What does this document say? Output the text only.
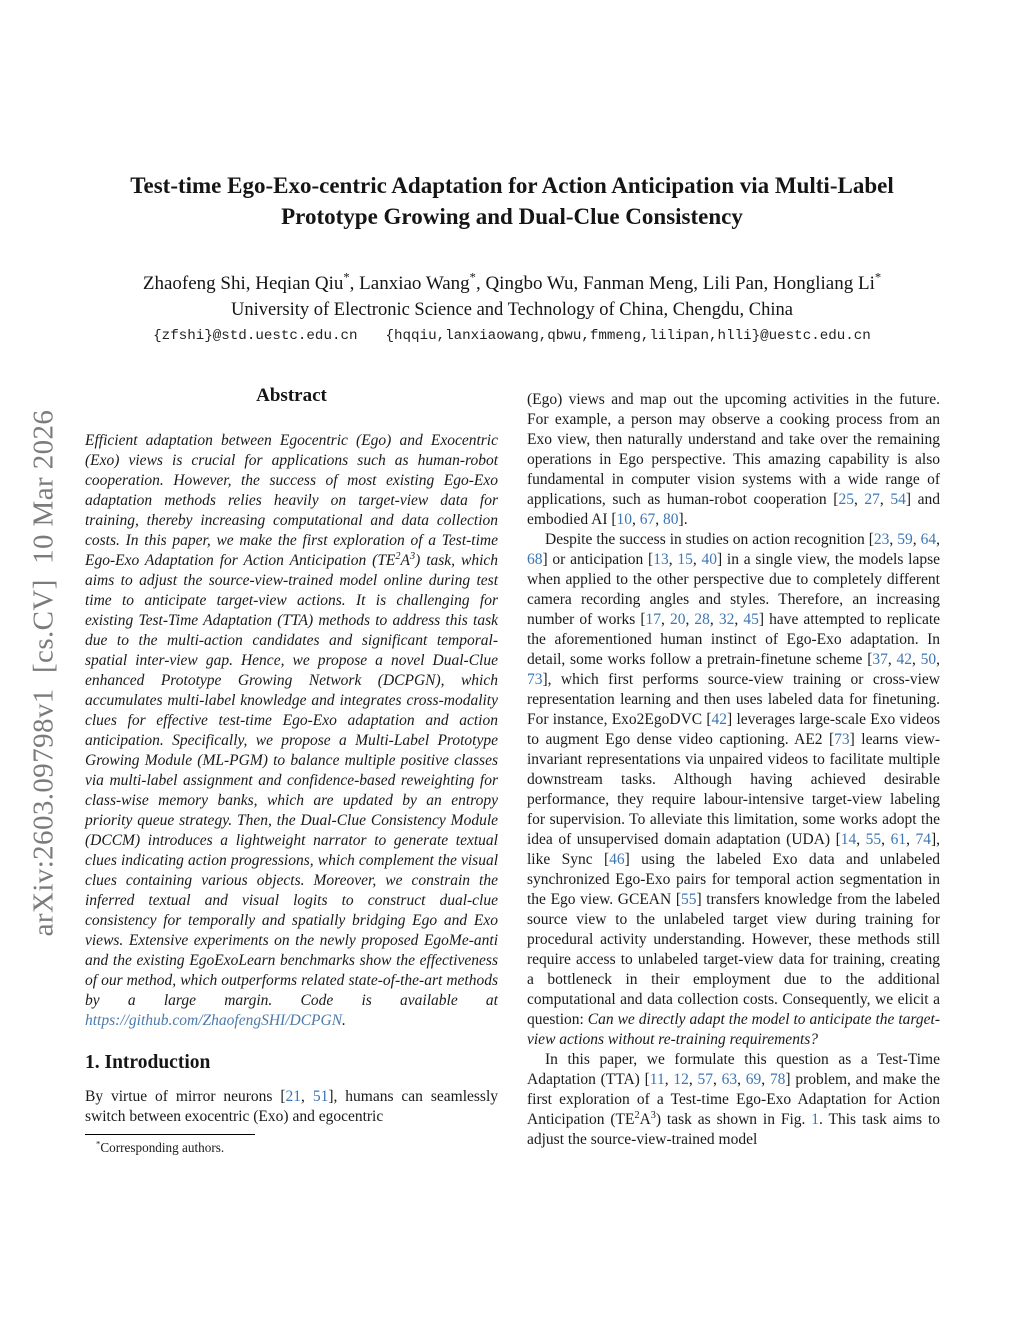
arXiv:2603.09798v1  [cs.CV]  10 Mar 2026
Test-time Ego-Exo-centric Adaptation for Action Anticipation via Multi-Label Prototype Growing and Dual-Clue Consistency
Zhaofeng Shi, Heqian Qiu*, Lanxiao Wang*, Qingbo Wu, Fanman Meng, Lili Pan, Hongliang Li*
University of Electronic Science and Technology of China, Chengdu, China
{zfshi}@std.uestc.edu.cn {hqqiu,lanxiaowang,qbwu,fmmeng,lilipan,hlli}@uestc.edu.cn
Abstract

Efficient adaptation between Egocentric (Ego) and Exocentric (Exo) views is crucial for applications such as human-robot cooperation. However, the success of most existing Ego-Exo adaptation methods relies heavily on target-view data for training, thereby increasing computational and data collection costs. In this paper, we make the first exploration of a Test-time Ego-Exo Adaptation for Action Anticipation $(TE^2A^3)$ task, which aims to adjust the source-view-trained model online during test time to anticipate target-view actions. It is challenging for existing Test-Time Adaptation (TTA) methods to address this task due to the multi-action candidates and significant temporal-spatial inter-view gap. Hence, we propose a novel Dual-Clue enhanced Prototype Growing Network (DCPGN), which accumulates multi-label knowledge and integrates cross-modality clues for effective test-time Ego-Exo adaptation and action anticipation. Specifically, we propose a Multi-Label Prototype Growing Module (ML-PGM) to balance multiple positive classes via multi-label assignment and confidence-based reweighting for class-wise memory banks, which are updated by an entropy priority queue strategy. Then, the Dual-Clue Consistency Module (DCCM) introduces a lightweight narrator to generate textual clues indicating action progressions, which complement the visual clues containing various objects. Moreover, we constrain the inferred textual and visual logits to construct dual-clue consistency for temporally and spatially bridging Ego and Exo views. Extensive experiments on the newly proposed EgoMe-anti and the existing EgoExoLearn benchmarks show the effectiveness of our method, which outperforms related state-of-the-art methods by a large margin. Code is available at https://github.com/ZhaofengSHI/DCPGN.

1. Introduction

By virtue of mirror neurons [21, 51], humans can seamlessly switch between exocentric (Exo) and egocentric

*Corresponding authors.

(Ego) views and map out the upcoming activities in the future. For example, a person may observe a cooking process from an Exo view, then naturally understand and take over the remaining operations in Ego perspective. This amazing capability is also fundamental in computer vision systems with a wide range of applications, such as human-robot cooperation [25, 27, 54] and embodied AI [10, 67, 80].

Despite the success in studies on action recognition [23, 59, 64, 68] or anticipation [13, 15, 40] in a single view, the models lapse when applied to the other perspective due to completely different camera recording angles and styles. Therefore, an increasing number of works [17, 20, 28, 32, 45] have attempted to replicate the aforementioned human instinct of Ego-Exo adaptation. In detail, some works follow a pretrain-finetune scheme [37, 42, 50, 73], which first performs source-view training or cross-view representation learning and then uses labeled data for finetuning. For instance, Exo2EgoDVC [42] leverages large-scale Exo videos to augment Ego dense video captioning. AE2 [73] learns view-invariant representations via unpaired videos to facilitate multiple downstream tasks. Although having achieved desirable performance, they require labour-intensive target-view labeling for supervision. To alleviate this limitation, some works adopt the idea of unsupervised domain adaptation (UDA) [14, 55, 61, 74], like Sync [46] using the labeled Exo data and unlabeled synchronized Ego-Exo pairs for temporal action segmentation in the Ego view. GCEAN [55] transfers knowledge from the labeled source view to the unlabeled target view during training for procedural activity understanding. However, these methods still require access to unlabeled target-view data for training, creating a bottleneck in their employment due to the additional computational and data collection costs. Consequently, we elicit a question: Can we directly adapt the model to anticipate the target-view actions without re-training requirements?

In this paper, we formulate this question as a Test-Time Adaptation (TTA) [11, 12, 57, 63, 69, 78] problem, and make the first exploration of a Test-time Ego-Exo Adaptation for Action Anticipation $(TE^2A^3)$ task as shown in Fig. 1. This task aims to adjust the source-view-trained model
